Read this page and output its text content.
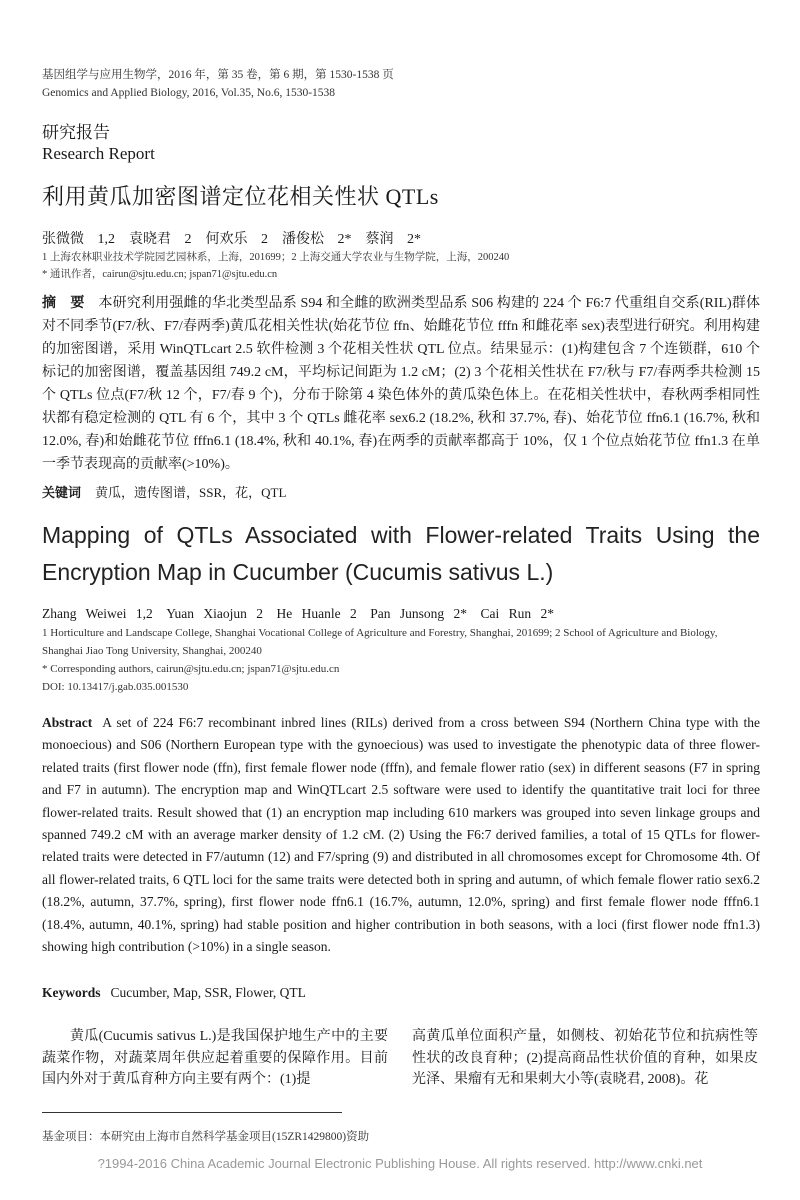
基因组学与应用生物学，2016 年，第 35 卷，第 6 期，第 1530-1538 页
Genomics and Applied Biology, 2016, Vol.35, No.6, 1530-1538
研究报告
Research Report
利用黄瓜加密图谱定位花相关性状 QTLs
张微微 1,2　袁晓君 2　何欢乐 2　潘俊松 2*　蔡润 2*
1 上海农林职业技术学院园艺园林系，上海，201699；2 上海交通大学农业与生物学院，上海，200240
* 通讯作者，cairun@sjtu.edu.cn; jspan71@sjtu.edu.cn
摘　要 本研究利用强雌的华北类型品系 S94 和全雌的欧洲类型品系 S06 构建的 224 个 F6:7 代重组自交系(RIL)群体对不同季节(F7/秋、F7/春两季)黄瓜花相关性状(始花节位 ffn、始雌花节位 fffn 和雌花率 sex)表型进行研究。利用构建的加密图谱，采用 WinQTLcart 2.5 软件检测 3 个花相关性状 QTL 位点。结果显示：(1)构建包含 7 个连锁群，610 个标记的加密图谱，覆盖基因组 749.2 cM，平均标记间距为 1.2 cM；(2) 3 个花相关性状在 F7/秋与 F7/春两季共检测 15 个 QTLs 位点(F7/秋 12 个，F7/春 9 个)，分布于除第 4 染色体外的黄瓜染色体上。在花相关性状中，春秋两季相同性状都有稳定检测的 QTL 有 6 个，其中 3 个 QTLs 雌花率 sex6.2 (18.2%, 秋和 37.7%, 春)、始花节位 ffn6.1 (16.7%, 秋和 12.0%, 春)和始雌花节位 fffn6.1 (18.4%, 秋和 40.1%, 春)在两季的贡献率都高于 10%，仅 1 个位点始花节位 ffn1.3 在单一季节表现高的贡献率(>10%)。
关键词 黄瓜，遗传图谱，SSR，花，QTL
Mapping of QTLs Associated with Flower-related Traits Using the Encryption Map in Cucumber (Cucumis sativus L.)
Zhang Weiwei 1,2　Yuan Xiaojun 2　He Huanle 2　Pan Junsong 2*　Cai Run 2*
1 Horticulture and Landscape College, Shanghai Vocational College of Agriculture and Forestry, Shanghai, 201699; 2 School of Agriculture and Biology, Shanghai Jiao Tong University, Shanghai, 200240
* Corresponding authors, cairun@sjtu.edu.cn; jspan71@sjtu.edu.cn
DOI: 10.13417/j.gab.035.001530
Abstract A set of 224 F6:7 recombinant inbred lines (RILs) derived from a cross between S94 (Northern China type with the monoecious) and S06 (Northern European type with the gynoecious) was used to investigate the phenotypic data of three flower-related traits (first flower node (ffn), first female flower node (fffn), and female flower ratio (sex) in different seasons (F7 in spring and F7 in autumn). The encryption map and WinQTLcart 2.5 software were used to identify the quantitative trait loci for three flower-related traits. Result showed that (1) an encryption map including 610 markers was grouped into seven linkage groups and spanned 749.2 cM with an average marker density of 1.2 cM. (2) Using the F6:7 derived families, a total of 15 QTLs for flower-related traits were detected in F7/autumn (12) and F7/spring (9) and distributed in all chromosomes except for Chromosome 4th. Of all flower-related traits, 6 QTL loci for the same traits were detected both in spring and autumn, of which female flower ratio sex6.2 (18.2%, autumn, 37.7%, spring), first flower node ffn6.1 (16.7%, autumn, 12.0%, spring) and first female flower node fffn6.1 (18.4%, autumn, 40.1%, spring) had stable position and higher contribution in both seasons, with a loci (first flower node ffn1.3) showing high contribution (>10%) in a single season.
Keywords Cucumber, Map, SSR, Flower, QTL
黄瓜(Cucumis sativus L.)是我国保护地生产中的主要蔬菜作物，对蔬菜周年供应起着重要的保障作用。目前国内外对于黄瓜育种方向主要有两个：(1)提
高黄瓜单位面积产量，如侧枝、初始花节位和抗病性等性状的改良育种；(2)提高商品性状价值的育种，如果皮光泽、果瘤有无和果刺大小等(袁晓君, 2008)。花
基金项目：本研究由上海市自然科学基金项目(15ZR1429800)资助
?1994-2016 China Academic Journal Electronic Publishing House. All rights reserved. http://www.cnki.net
